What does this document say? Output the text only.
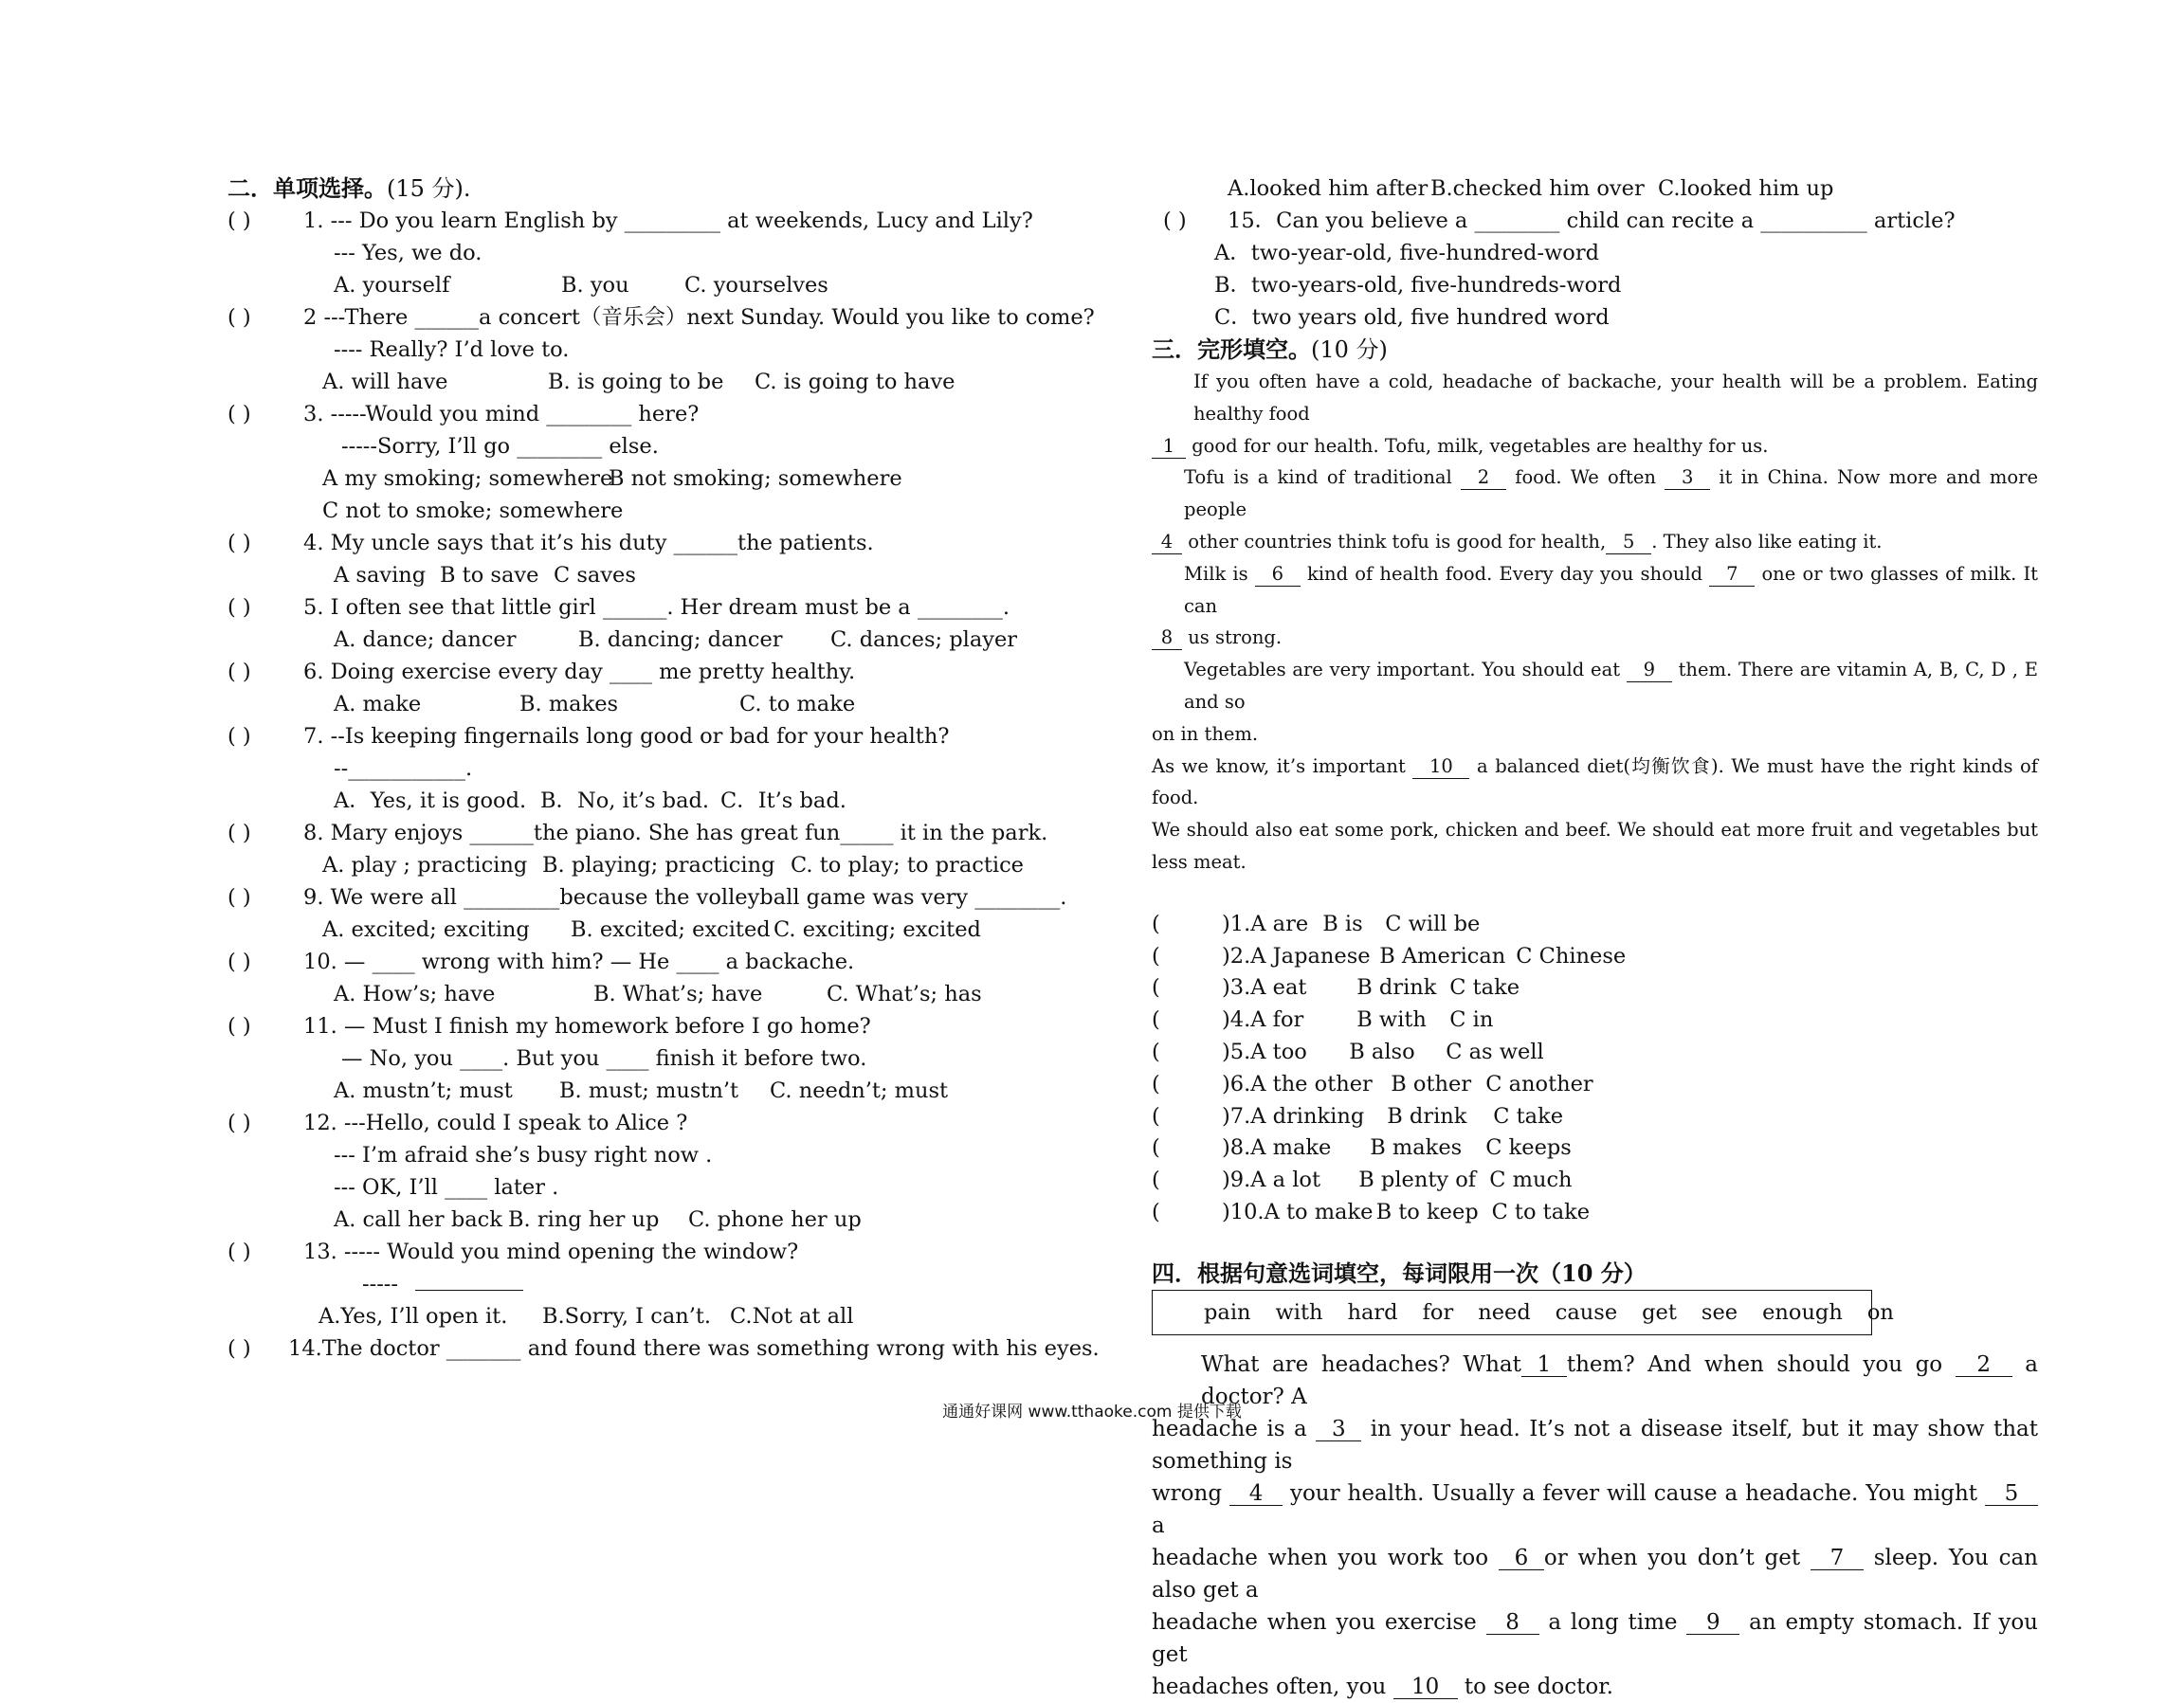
二．单项选择。(15 分).
( ) 1. --- Do you learn English by _________ at weekends, Lucy and Lily?
--- Yes, we do.
A. yourself	B. you	C. yourselves
( ) 2 ---There ______a concert（音乐会）next Sunday. Would you like to come?
---- Really? I’d love to.
A. will have	B. is going to be C. is going to have
( ) 3. -----Would you mind ________ here?
-----Sorry, I’ll go ________ else.
A my smoking; somewhereB not smoking; somewhere
C not to smoke; somewhere
( ) 4. My uncle says that it’s his duty ______the patients.
A saving B to save C saves
( ) 5. I often see that little girl ______. Her dream must be a ________.
A. dance; dancer	B. dancing; dancer C. dances; player
( ) 6. Doing exercise every day ____ me pretty healthy.
A. make	B. makes	C. to make
( ) 7. --Is keeping fingernails long good or bad for your health?
--___________.
A．Yes, it is good. B．No, it’s bad. C．It’s bad.
( ) 8. Mary enjoys ______the piano. She has great fun_____ it in the park.
A. play ; practicing B. playing; practicing C. to play; to practice
( ) 9. We were all _________because the volleyball game was very ________.
A. excited; exciting B. excited; excited C. exciting; excited
( ) 10. — ____ wrong with him? — He ____ a backache.
A. How’s; have	B. What’s; have	C. What’s; has
( ) 11. — Must I finish my homework before I go home?
— No, you ____. But you ____ finish it before two.
A. mustn’t; must B. must; mustn’t C. needn’t; must
( ) 12. ---Hello, could I speak to Alice ?
--- I’m afraid she’s busy right now .
--- OK, I’ll ____ later .
A. call her back B. ring her up C. phone her up
( ) 13. ----- Would you mind opening the window?
-----
A.Yes, I’ll open it. B.Sorry, I can’t. C.Not at all
( ) 14.The doctor _______ and found there was something wrong with his eyes.
A.looked him after B.checked him over C.looked him up
( ) 15．Can you believe a ________ child can recite a __________ article?
A．two-year-old, five-hundred-word
B．two-years-old, five-hundreds-word
C．two years old, five hundred word
三．完形填空。(10 分)
If you often have a cold, headache of backache, your health will be a problem. Eating healthy food
1 good for our health. Tofu, milk, vegetables are healthy for us.
Tofu is a kind of traditional 2 food. We often 3 it in China. Now more and more people
4 other countries think tofu is good for health, 5 . They also like eating it.
Milk is 6 kind of health food. Every day you should 7 one or two glasses of milk. It can
8 us strong.
Vegetables are very important. You should eat 9 them. There are vitamin A, B, C, D , E and so
on in them.
As we know, it’s important 10 a balanced diet(均衡饮食). We must have the right kinds of food.
We should also eat some pork, chicken and beef. We should eat more fruit and vegetables but less meat.
(	)1.A are B is C will be
(	)2.A Japanese B American C Chinese
(	)3.A eat B drink C take
(	)4.A for B with C in
(	)5.A too B also C as well
(	)6.A the other B other C another
(	)7.A drinking B drink C take
(	)8.A make B makes C keeps
(	)9.A a lot B plenty of C much
(	)10.A to make B to keep C to take
四．根据句意选词填空，每词限用一次（10 分）
pain with hard for need cause get see enough on
What are headaches? What 1 them? And when should you go 2 a doctor? A
headache is a 3 in your head. It’s not a disease itself, but it may show that something is
wrong 4 your health. Usually a fever will cause a headache. You might 5 a
headache when you work too 6 or when you don’t get 7 sleep. You can also get a
headache when you exercise 8 a long time 9 an empty stomach. If you get
headaches often, you 10 to see doctor.
通通好课网 www.tthaoke.com 提供下载
